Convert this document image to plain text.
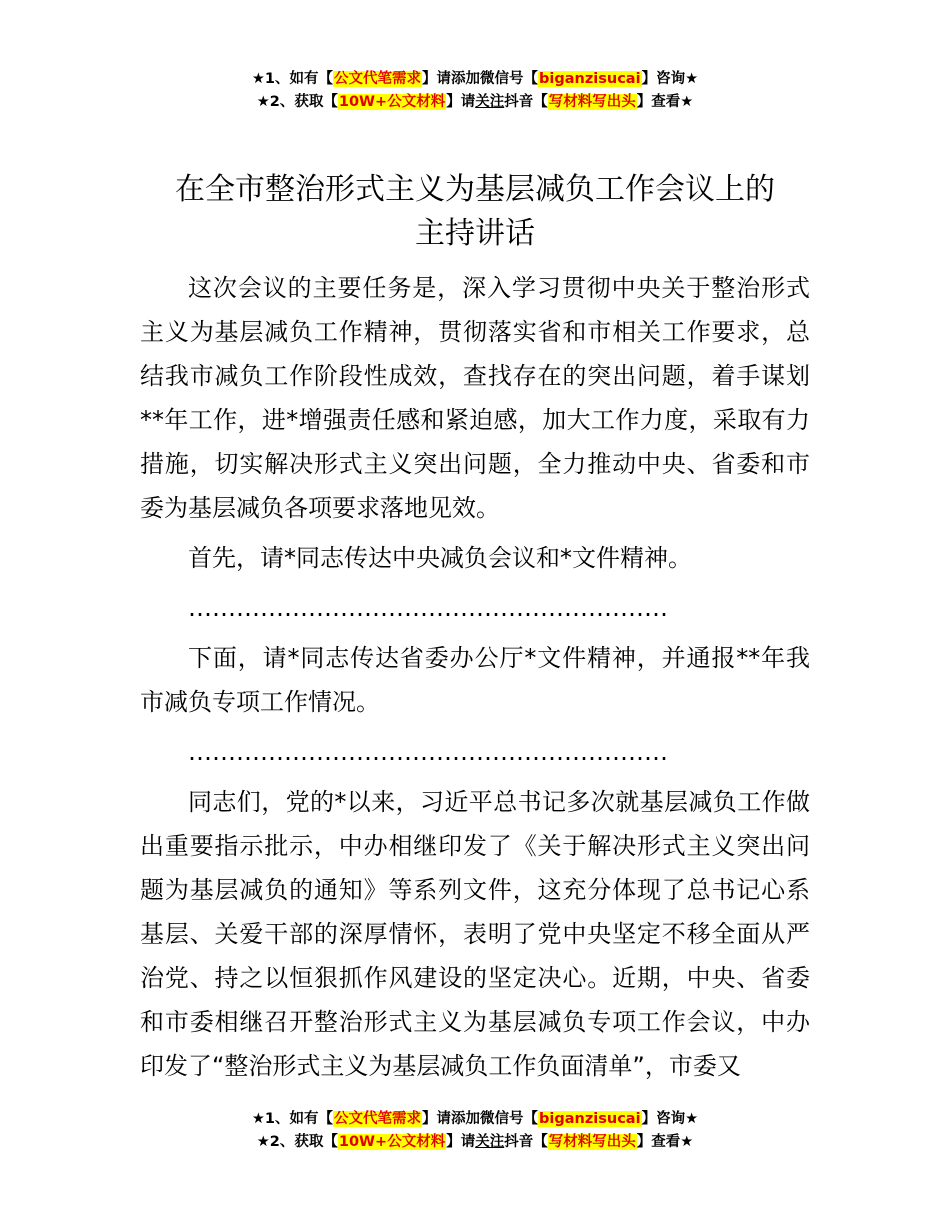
★1、如有【公文代笔需求】请添加微信号【biganzisucai】咨询★
★2、获取【10W+公文材料】请关注抖音【写材料写出头】查看★
在全市整治形式主义为基层减负工作会议上的
主持讲话

这次会议的主要任务是，深入学习贯彻中央关于整治形式主义为基层减负工作精神，贯彻落实省和市相关工作要求，总结我市减负工作阶段性成效，查找存在的突出问题，着手谋划**年工作，进*增强责任感和紧迫感，加大工作力度，采取有力措施，切实解决形式主义突出问题，全力推动中央、省委和市委为基层减负各项要求落地见效。

首先，请*同志传达中央减负会议和*文件精神。

……………………………………………………

下面，请*同志传达省委办公厅*文件精神，并通报**年我市减负专项工作情况。

……………………………………………………

同志们，党的*以来，习近平总书记多次就基层减负工作做出重要指示批示，中办相继印发了《关于解决形式主义突出问题为基层减负的通知》等系列文件，这充分体现了总书记心系基层、关爱干部的深厚情怀，表明了党中央坚定不移全面从严治党、持之以恒狠抓作风建设的坚定决心。近期，中央、省委和市委相继召开整治形式主义为基层减负专项工作会议，中办印发了“整治形式主义为基层减负工作负面清单”，市委又

★1、如有【公文代笔需求】请添加微信号【biganzisucai】咨询★
★2、获取【10W+公文材料】请关注抖音【写材料写出头】查看★
